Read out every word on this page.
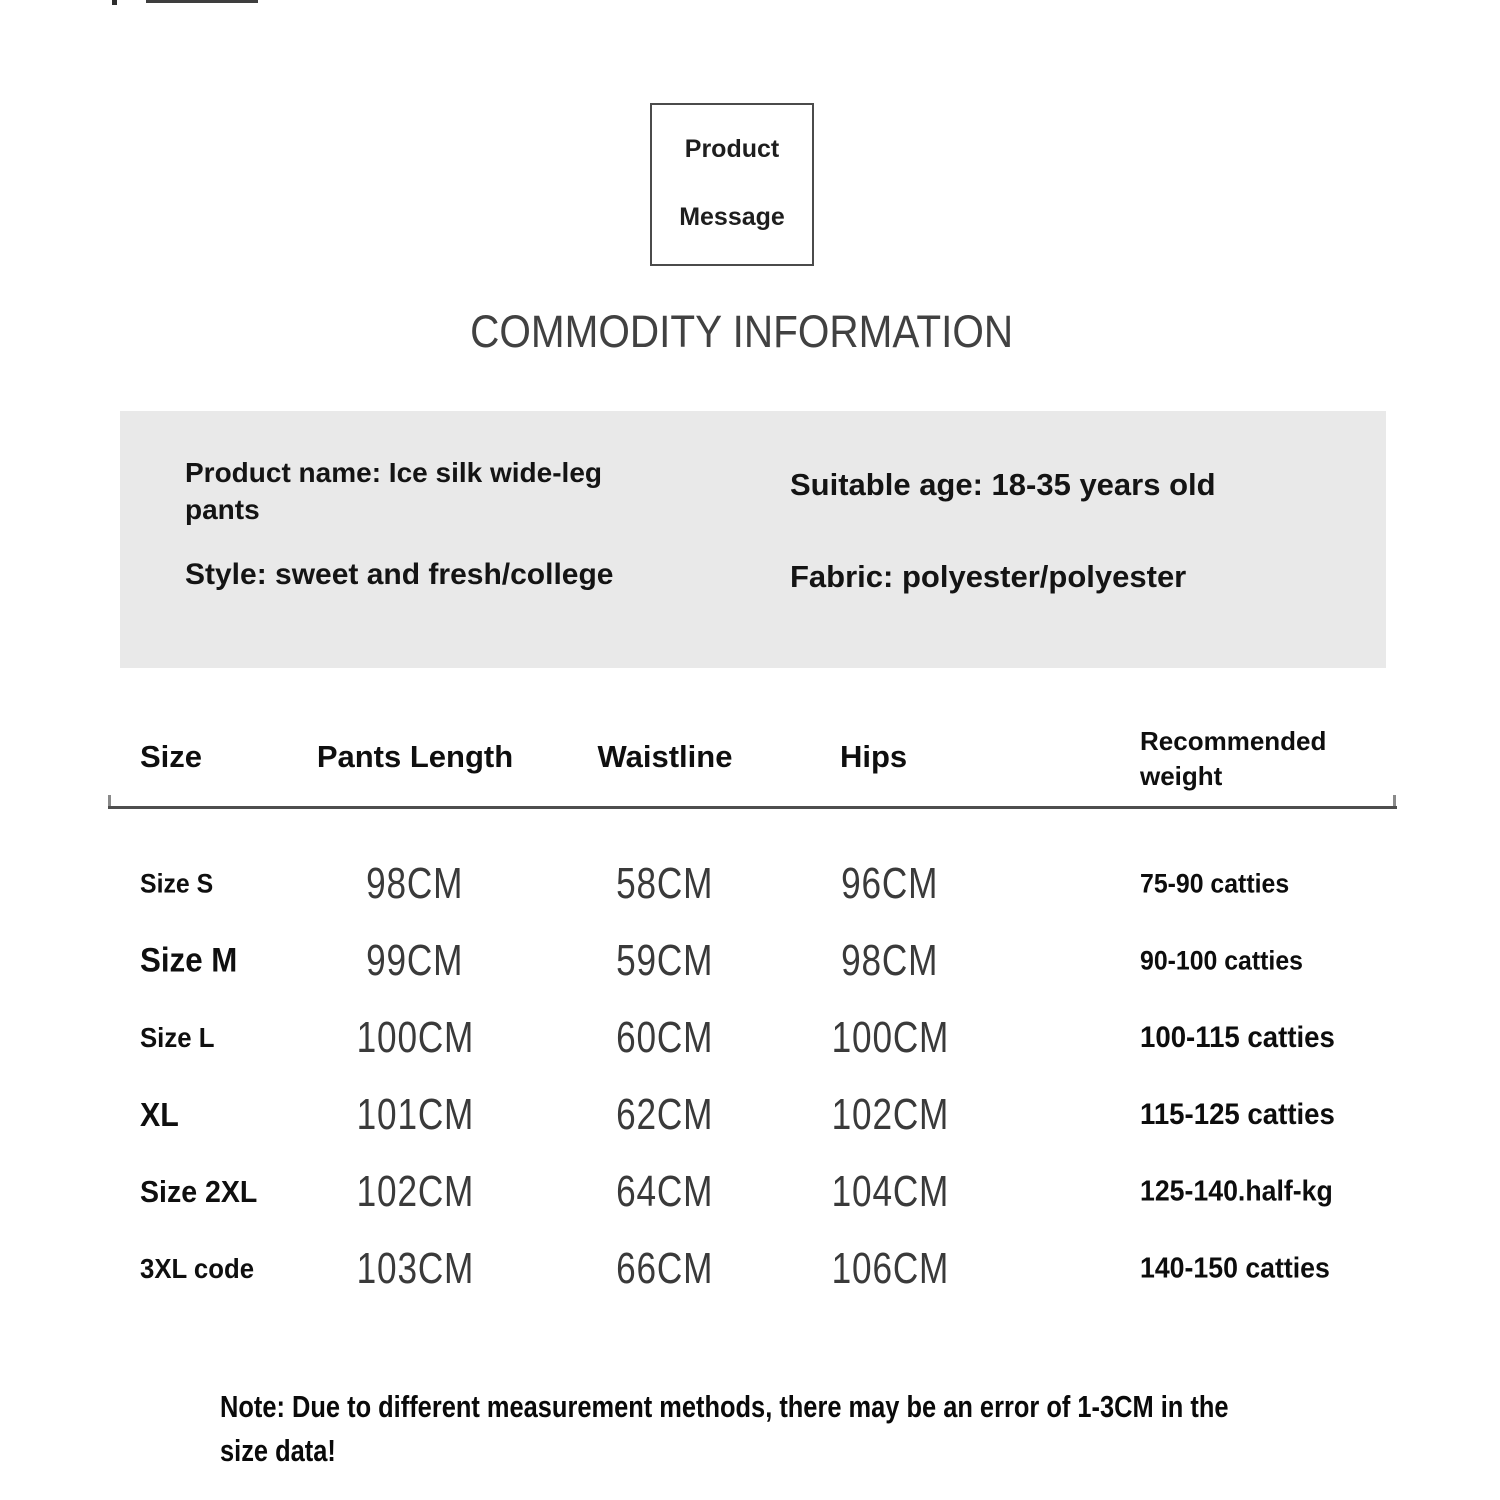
Product
Message
COMMODITY INFORMATION
Product name: Ice silk wide-leg pants
Style: sweet and fresh/college
Suitable age: 18-35 years old
Fabric: polyester/polyester
Size	Pants Length	Waistline	Hips	Recommended weight
Size S	98CM	58CM	96CM	75-90 catties
Size M	99CM	59CM	98CM	90-100 catties
Size L	100CM	60CM	100CM	100-115 catties
XL	101CM	62CM	102CM	115-125 catties
Size 2XL	102CM	64CM	104CM	125-140.half-kg
3XL code	103CM	66CM	106CM	140-150 catties
Note: Due to different measurement methods, there may be an error of 1-3CM in the
size data!
